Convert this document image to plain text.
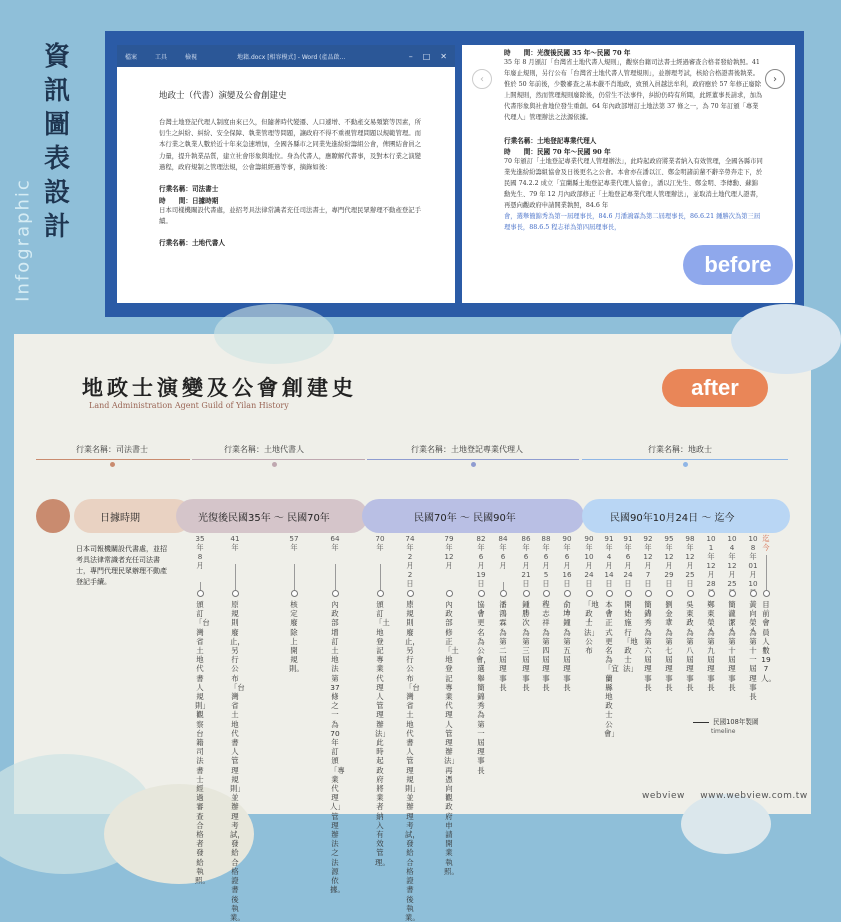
資
訊
圖
表
設
計
Infographic
檔案	工具	檢視	地籍.docx [相容模式] - Word (產品啟...	– □ ✕
地政士（代書）演變及公會創建史
台灣土地登記代理人制度由來已久，但隨著時代變遷、人口遽增、不動產交易頻繁等因素，所衍生之糾紛、糾紛、安全保障、執業管理等問題，讓政府不得不重視管理問題以規範管理。而本行業之執業人數於近十年來急速增加，全國各縣市之同業先進紛紛籌組公會，俾團結會員之力量，提升執業品質，建立社會形象與地位。身為代書人，應瞭解代書事，及對本行業之演變過程，政府規制之管理法規，公會籌組經過等事，摘錄如後：
行業名稱：司法書士
時　　間：日據時期
日本司樣機關設代書處，並招考具法律常識者充任司法書士，專門代理民眾辦理不動產登記手續。
行業名稱：土地代書人
‹	›
時　　間：光復後民國 35 年～民國 70 年
35 年 8 月頒訂「台灣省土地代書人規則」，觀察台籍司法書士經過審查合格者發給執照。41 年廢止規則，另行公布「台灣省土地代書人管理規則」，並辦理考試，核給合格證書後執業。惟於 50 年前後，少數審查之基本嚴不肖地政，致預入員越法牟利，政府應於 57 年修正廢除上開規則，然而管理規則廢除後，仍常生不法事件，糾紛仍時有所聞，此經董事長請求，加為代書形象與社會地位發生重創。64 年內政部增訂土地法第 37 條之一，為 70 年訂頒「專業代理人」管理辦法之法源依據。
行業名稱：土地登記專業代理人
時　　間：民國 70 年～民國 90 年
70 年頒訂「土地登記專業代理人管理辦法」，此時起政府將業者納入有效管理，全國各縣市同業先進紛紛籌組協會及日後更名之公會。本會亦在潘以江、鄭金明諸前輩不辭辛勞奔走下，於民國 74.2.2 成立「宜蘭縣土地登記專業代理人協會」，潘以江先生、鄭金明、李傳勳、蘇錦勳先生、79 年 12 月內政部修正「土地登記專業代理人管理辦法」，並取消土地代理人證書，再憑向觀政府申請開業執照，84.6 年
會，選舉簡錦秀為第一屆理事長，84.6 月潘鴻霖為第二屆理事長，86.6.21 鍾勝次為第三屆理事長，88.6.5 程志祥為第四屆理事長，
before
地政士演變及公會創建史
Land Administration Agent Guild of Yilan History
after
行業名稱：司法書士	行業名稱：土地代書人	行業名稱：土地登記專業代理人	行業名稱：地政士
日據時期	光復後民國35年 ～ 民國70年	民國70年 ～ 民國90年	民國90年10月24日 ～ 迄今
日本司報機關設代書處，並招考具法律常識者充任司法書士，專門代理民眾辦理不動產登記手續。
35年8月
頒訂「台灣省土地代書人規則」觀察台籍司法書士經過審查合格者發給執照。
41年
原規則廢止，另行公布「台灣省土地代書人管理規則」並辦理考試，發給合格證書後執業。
57年
核定廢除上開規則。
64年
內政部增訂土地法第37條之一為70年訂頒「專業代理人」管理辦法之法源依據。
70年
頒訂「土地登記專業代理人管理辦法」此時起政府將業者納入有效管理。
74年2月2日
原規則廢止，另行公布「台灣省土地代書人管理規則」並辦理考試，發給合格證書後執業。
79年12月
內政部修正「土地登記專業代理人管理辦法」再憑向觀政府申請開業執照。
82年6月19日
協會更名為公會，選舉簡錦秀為第一屆理事長
84年6月
潘鴻霖為第二屆理事長
86年6月21日
鍾勝次為第三屆理事長
88年6月5日
程志祥為第四屆理事長
90年6月16日
俞坤鐘為第五屆理事長
90年10月24日
「地政士法」公布
91年4月14日
本會正式更名為「宜蘭縣地政士公會」
91年6月24日
開始施行「地政士法」
92年12月7日
簡錦秀為第六屆理事長
95年12月29日
劉金章為第七屆理事長
98年12月25日
吳東政為第八屆理事長
101年12月28
鄭東榮為第九屆理事長
104年12月25
簡瀧潔為第十屆理事長
108年01月10
黃向榮為第十一屆理事長
迄今
目前會員人數197人。
民國108年製圖
timeline
webview www.webview.com.tw
